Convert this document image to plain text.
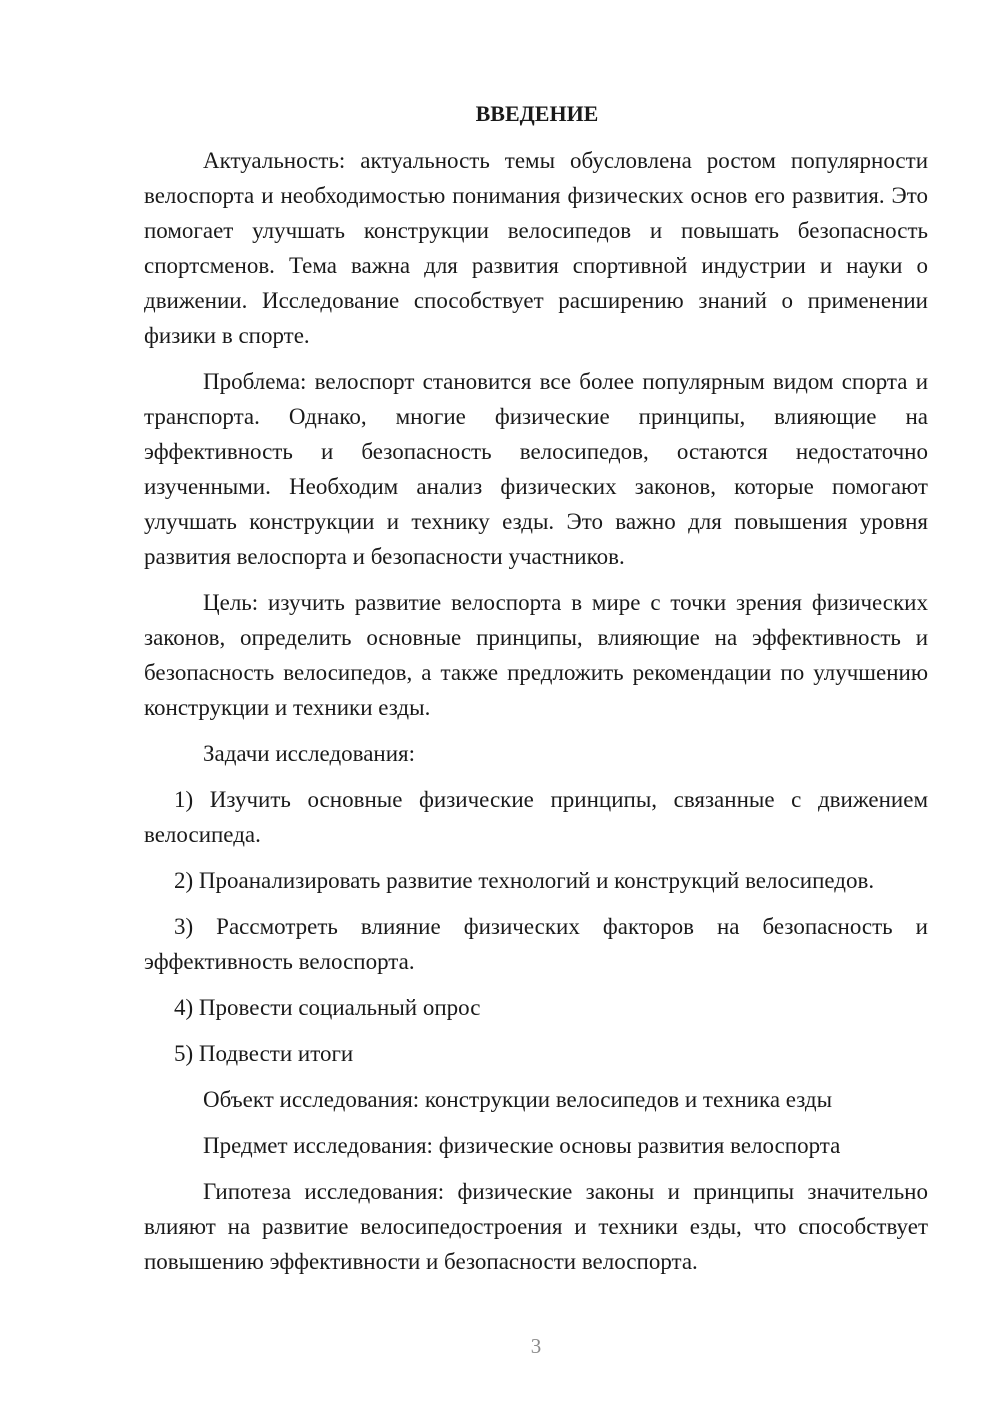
ВВЕДЕНИЕ

Актуальность: актуальность темы обусловлена ростом популярности велоспорта и необходимостью понимания физических основ его развития. Это помогает улучшать конструкции велосипедов и повышать безопасность спортсменов. Тема важна для развития спортивной индустрии и науки о движении. Исследование способствует расширению знаний о применении физики в спорте.

Проблема: велоспорт становится все более популярным видом спорта и транспорта. Однако, многие физические принципы, влияющие на эффективность и безопасность велосипедов, остаются недостаточно изученными. Необходим анализ физических законов, которые помогают улучшать конструкции и технику езды. Это важно для повышения уровня развития велоспорта и безопасности участников.

Цель: изучить развитие велоспорта в мире с точки зрения физических законов, определить основные принципы, влияющие на эффективность и безопасность велосипедов, а также предложить рекомендации по улучшению конструкции и техники езды.

Задачи исследования:

1) Изучить основные физические принципы, связанные с движением велосипеда.

2) Проанализировать развитие технологий и конструкций велосипедов.

3) Рассмотреть влияние физических факторов на безопасность и эффективность велоспорта.

4) Провести социальный опрос

5) Подвести итоги

Объект исследования: конструкции велосипедов и техника езды

Предмет исследования: физические основы развития велоспорта

Гипотеза исследования: физические законы и принципы значительно влияют на развитие велосипедостроения и техники езды, что способствует повышению эффективности и безопасности велоспорта.

3
